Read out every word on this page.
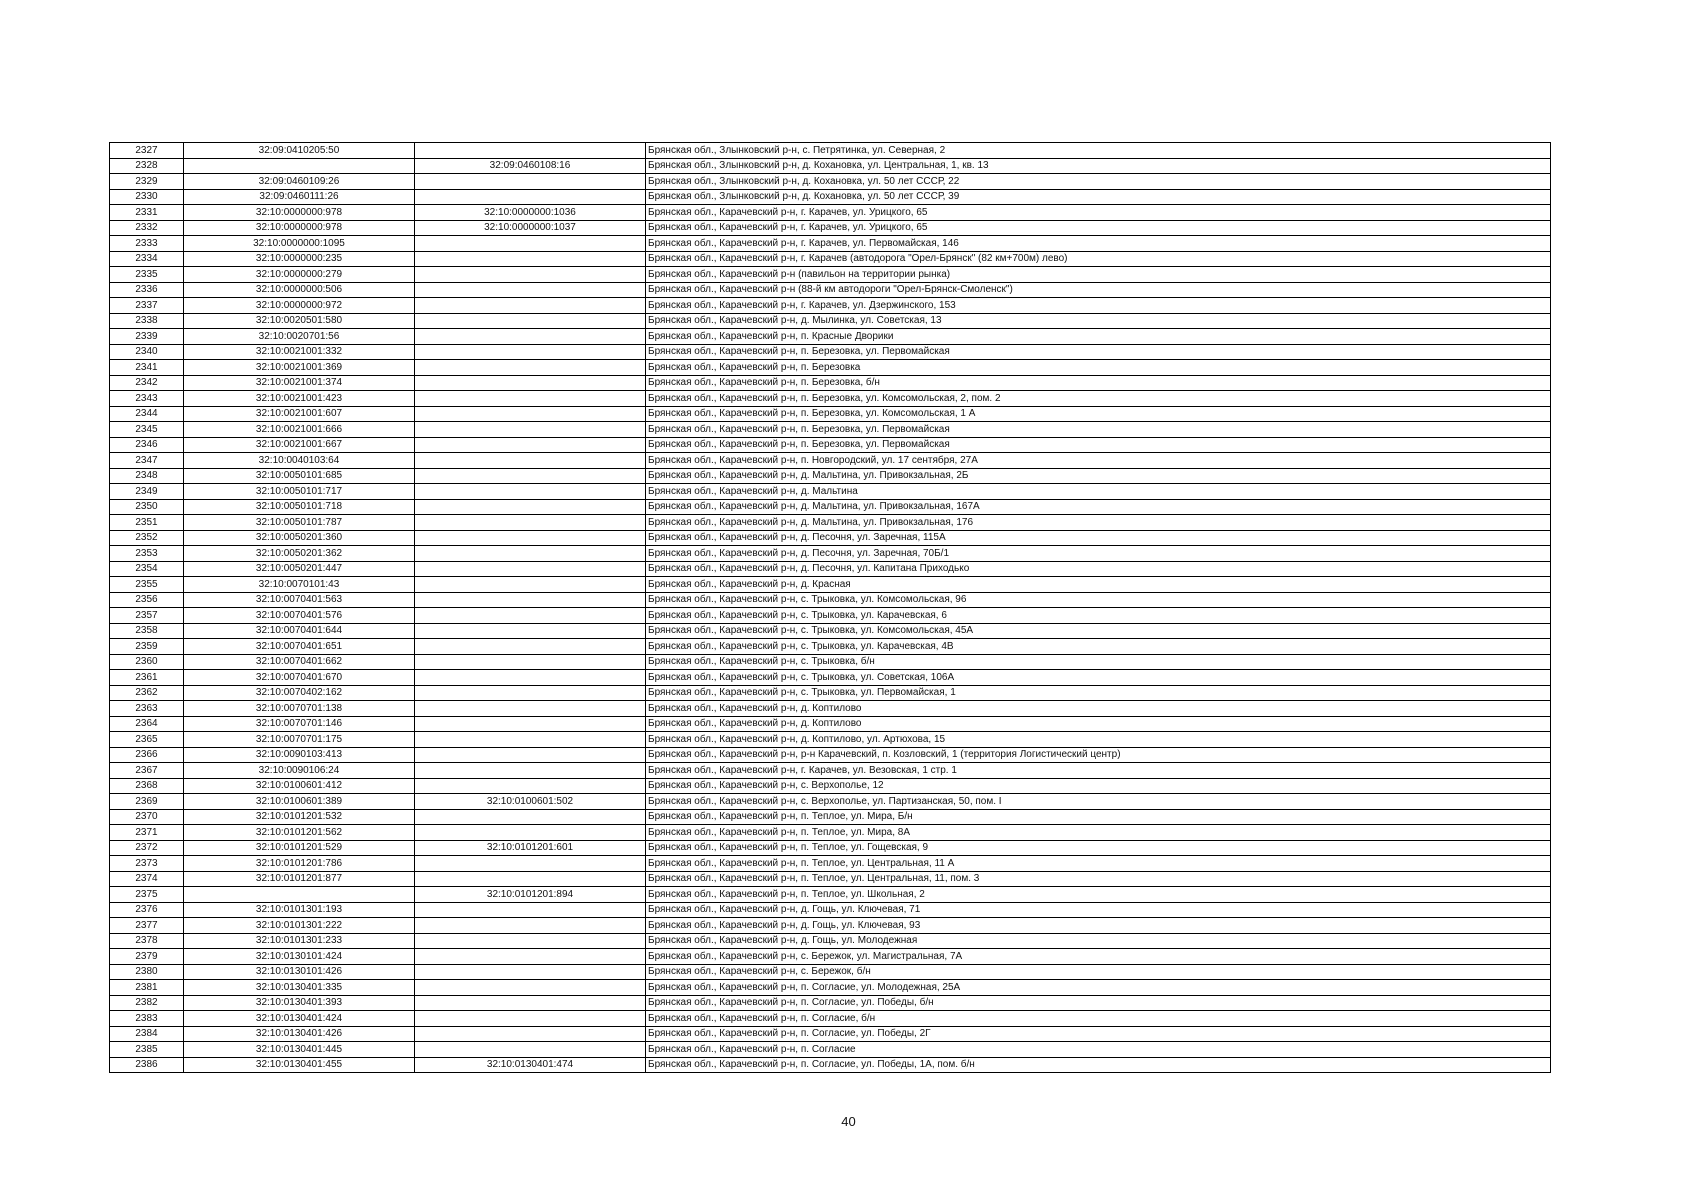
2327	32:09:0410205:50		Брянская обл., Злынковский р-н, с. Петрятинка, ул. Северная, 2
2328		32:09:0460108:16	Брянская обл., Злынковский р-н, д. Кохановка, ул. Центральная, 1, кв. 13
2329	32:09:0460109:26		Брянская обл., Злынковский р-н, д. Кохановка, ул. 50 лет СССР, 22
2330	32:09:0460111:26		Брянская обл., Злынковский р-н, д. Кохановка, ул. 50 лет СССР, 39
2331	32:10:0000000:978	32:10:0000000:1036	Брянская обл., Карачевский р-н, г. Карачев, ул. Урицкого, 65
2332	32:10:0000000:978	32:10:0000000:1037	Брянская обл., Карачевский р-н, г. Карачев, ул. Урицкого, 65
2333	32:10:0000000:1095		Брянская обл., Карачевский р-н, г. Карачев, ул. Первомайская, 146
2334	32:10:0000000:235		Брянская обл., Карачевский р-н, г. Карачев (автодорога "Орел-Брянск" (82 км+700м) лево)
2335	32:10:0000000:279		Брянская обл., Карачевский р-н (павильон на территории рынка)
2336	32:10:0000000:506		Брянская обл., Карачевский р-н (88-й км автодороги "Орел-Брянск-Смоленск")
2337	32:10:0000000:972		Брянская обл., Карачевский р-н, г. Карачев, ул. Дзержинского, 153
2338	32:10:0020501:580		Брянская обл., Карачевский р-н, д. Мылинка, ул. Советская, 13
2339	32:10:0020701:56		Брянская обл., Карачевский р-н, п. Красные Дворики
2340	32:10:0021001:332		Брянская обл., Карачевский р-н, п. Березовка, ул. Первомайская
2341	32:10:0021001:369		Брянская обл., Карачевский р-н, п. Березовка
2342	32:10:0021001:374		Брянская обл., Карачевский р-н, п. Березовка, б/н
2343	32:10:0021001:423		Брянская обл., Карачевский р-н, п. Березовка, ул. Комсомольская, 2, пом. 2
2344	32:10:0021001:607		Брянская обл., Карачевский р-н, п. Березовка, ул. Комсомольская, 1 А
2345	32:10:0021001:666		Брянская обл., Карачевский р-н, п. Березовка, ул. Первомайская
2346	32:10:0021001:667		Брянская обл., Карачевский р-н, п. Березовка, ул. Первомайская
2347	32:10:0040103:64		Брянская обл., Карачевский р-н, п. Новгородский, ул. 17 сентября, 27А
2348	32:10:0050101:685		Брянская обл., Карачевский р-н, д. Мальтина, ул. Привокзальная, 2Б
2349	32:10:0050101:717		Брянская обл., Карачевский р-н, д. Мальтина
2350	32:10:0050101:718		Брянская обл., Карачевский р-н, д. Мальтина, ул. Привокзальная, 167А
2351	32:10:0050101:787		Брянская обл., Карачевский р-н, д. Мальтина, ул. Привокзальная, 176
2352	32:10:0050201:360		Брянская обл., Карачевский р-н, д. Песочня, ул. Заречная, 115А
2353	32:10:0050201:362		Брянская обл., Карачевский р-н, д. Песочня, ул. Заречная, 70Б/1
2354	32:10:0050201:447		Брянская обл., Карачевский р-н, д. Песочня, ул. Капитана Приходько
2355	32:10:0070101:43		Брянская обл., Карачевский р-н, д. Красная
2356	32:10:0070401:563		Брянская обл., Карачевский р-н, с. Трыковка, ул. Комсомольская, 96
2357	32:10:0070401:576		Брянская обл., Карачевский р-н, с. Трыковка, ул. Карачевская, 6
2358	32:10:0070401:644		Брянская обл., Карачевский р-н, с. Трыковка, ул. Комсомольская, 45А
2359	32:10:0070401:651		Брянская обл., Карачевский р-н, с. Трыковка, ул. Карачевская, 4В
2360	32:10:0070401:662		Брянская обл., Карачевский р-н, с. Трыковка, б/н
2361	32:10:0070401:670		Брянская обл., Карачевский р-н, с. Трыковка, ул. Советская, 106А
2362	32:10:0070402:162		Брянская обл., Карачевский р-н, с. Трыковка, ул. Первомайская, 1
2363	32:10:0070701:138		Брянская обл., Карачевский р-н, д. Коптилово
2364	32:10:0070701:146		Брянская обл., Карачевский р-н, д. Коптилово
2365	32:10:0070701:175		Брянская обл., Карачевский р-н, д. Коптилово, ул. Артюхова, 15
2366	32:10:0090103:413		Брянская обл., Карачевский р-н, р-н Карачевский, п. Козловский, 1 (территория Логистический центр)
2367	32:10:0090106:24		Брянская обл., Карачевский р-н, г. Карачев, ул. Везовская, 1 стр. 1
2368	32:10:0100601:412		Брянская обл., Карачевский р-н, с. Верхополье, 12
2369	32:10:0100601:389	32:10:0100601:502	Брянская обл., Карачевский р-н, с. Верхополье, ул. Партизанская, 50, пом. I
2370	32:10:0101201:532		Брянская обл., Карачевский р-н, п. Теплое, ул. Мира, Б/н
2371	32:10:0101201:562		Брянская обл., Карачевский р-н, п. Теплое, ул. Мира, 8А
2372	32:10:0101201:529	32:10:0101201:601	Брянская обл., Карачевский р-н, п. Теплое, ул. Гощевская, 9
2373	32:10:0101201:786		Брянская обл., Карачевский р-н, п. Теплое, ул. Центральная, 11 А
2374	32:10:0101201:877		Брянская обл., Карачевский р-н, п. Теплое, ул. Центральная, 11, пом. 3
2375		32:10:0101201:894	Брянская обл., Карачевский р-н, п. Теплое, ул. Школьная, 2
2376	32:10:0101301:193		Брянская обл., Карачевский р-н, д. Гощь, ул. Ключевая, 71
2377	32:10:0101301:222		Брянская обл., Карачевский р-н, д. Гощь, ул. Ключевая, 93
2378	32:10:0101301:233		Брянская обл., Карачевский р-н, д. Гощь, ул. Молодежная
2379	32:10:0130101:424		Брянская обл., Карачевский р-н, с. Бережок, ул. Магистральная, 7А
2380	32:10:0130101:426		Брянская обл., Карачевский р-н, с. Бережок, б/н
2381	32:10:0130401:335		Брянская обл., Карачевский р-н, п. Согласие, ул. Молодежная, 25А
2382	32:10:0130401:393		Брянская обл., Карачевский р-н, п. Согласие, ул. Победы, б/н
2383	32:10:0130401:424		Брянская обл., Карачевский р-н, п. Согласие, б/н
2384	32:10:0130401:426		Брянская обл., Карачевский р-н, п. Согласие, ул. Победы, 2Г
2385	32:10:0130401:445		Брянская обл., Карачевский р-н, п. Согласие
2386	32:10:0130401:455	32:10:0130401:474	Брянская обл., Карачевский р-н, п. Согласие, ул. Победы, 1А, пом. б/н
40
